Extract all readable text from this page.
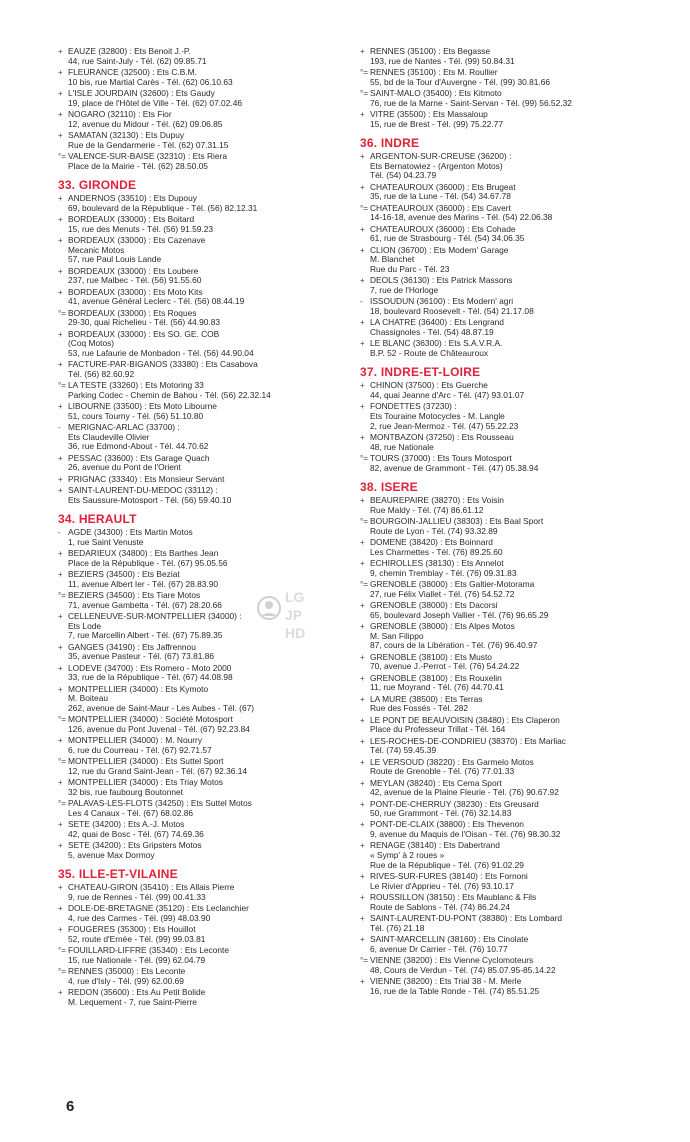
+ EAUZE (32800) : Ets Benoit J.-P.
44, rue Saint-July - Tél. (62) 09.85.71
+ FLEURANCE (32500) : Ets C.B.M.
10 bis, rue Martial Carès - Tél. (62) 06.10.63
+ L'ISLE JOURDAIN (32600) : Ets Gaudy
19, place de l'Hôtel de Ville - Tél. (62) 07.02.46
+ NOGARO (32110) : Ets Fior
12, avenue du Midour - Tél. (62) 09.06.85
+ SAMATAN (32130) : Ets Dupuy
Rue de la Gendarmerie - Tél. (62) 07.31.15
°= VALENCE-SUR-BAISE (32310) : Ets Riera
Place de la Mairie - Tél. (62) 28.50.05
33. GIRONDE
+ ANDERNOS (33510) : Ets Dupouy
69, boulevard de la République - Tél. (56) 82.12.31
+ BORDEAUX (33000) : Ets Boitard
15, rue des Menuts - Tél. (56) 91.59.23
+ BORDEAUX (33000) : Ets Cazenave
Mecanic Motos
57, rue Paul Louis Lande
+ BORDEAUX (33000) : Ets Loubere
237, rue Malbec - Tél. (56) 91.55.60
+ BORDEAUX (33000) : Ets Moto Kits
41, avenue Général Leclerc - Tél. (56) 08.44.19
°= BORDEAUX (33000) : Ets Roques
29-30, quai Richelieu - Tél. (56) 44.90.83
+ BORDEAUX (33000) : Ets SO. GE. COB
(Coq Motos)
53, rue Lafaurie de Monbadon - Tél. (56) 44.90.04
+ FACTURE-PAR-BIGANOS (33380) : Ets Casabova
Tél. (56) 82.60.92
°= LA TESTE (33260) : Ets Motoring 33
Parking Codec - Chemin de Bahou - Tél. (56) 22.32.14
+ LIBOURNE (33500) : Ets Moto Libourne
51, cours Tourny - Tél. (56) 51.10.80
- MERIGNAC-ARLAC (33700) :
Ets Claudeville Olivier
36, rue Edmond-About - Tél. 44.70.62
+ PESSAC (33600) : Ets Garage Quach
26, avenue du Pont de l'Orient
+ PRIGNAC (33340) : Ets Monsieur Servant
+ SAINT-LAURENT-DU-MEDOC (33112) :
Ets Saussure-Motosport - Tél. (56) 59.40.10
34. HERAULT
- AGDE (34300) : Ets Martin Motos
1, rue Saint Venuste
+ BEDARIEUX (34800) : Ets Barthes Jean
Place de la République - Tél. (67) 95.05.56
+ BEZIERS (34500) : Ets Beziat
11, avenue Albert Ier - Tél. (67) 28.83.90
°= BEZIERS (34500) : Ets Tiare Motos
71, avenue Gambetta - Tél. (67) 28.20.66
+ CELLENEUVE-SUR-MONTPELLIER (34000) :
Ets Lode
7, rue Marcellin Albert - Tél. (67) 75.89.35
+ GANGES (34190) : Ets Jaffrennou
35, avenue Pasteur - Tél. (67) 73.81.86
+ LODEVE (34700) : Ets Romero - Moto 2000
33, rue de la République - Tél. (67) 44.08.98
+ MONTPELLIER (34000) : Ets Kymoto
M. Boiteau
262, avenue de Saint-Maur - Les Aubes - Tél. (67)
°= MONTPELLIER (34000) : Société Motosport
126, avenue du Pont Juvenal - Tél. (67) 92.23.84
+ MONTPELLIER (34000) : M. Nourry
6, rue du Courreau - Tél. (67) 92.71.57
°= MONTPELLIER (34000) : Ets Suttel Sport
12, rue du Grand Saint-Jean - Tél. (67) 92.36.14
+ MONTPELLIER (34000) : Ets Triay Motos
32 bis, rue faubourg Boutonnet
°= PALAVAS-LES-FLOTS (34250) : Ets Suttel Motos
Les 4 Canaux - Tél. (67) 68.02.86
+ SETE (34200) : Ets A.-J. Motos
42, quai de Bosc - Tél. (67) 74.69.36
+ SETE (34200) : Ets Gripsters Motos
5, avenue Max Dormoy
35. ILLE-ET-VILAINE
+ CHATEAU-GIRON (35410) : Ets Allais Pierre
9, rue de Rennes - Tél. (99) 00.41.33
+ DOLE-DE-BRETAGNE (35120) : Ets Leclanchier
4, rue des Carmes - Tél. (99) 48.03.90
+ FOUGERES (35300) : Ets Houillot
52, route d'Ernée - Tél. (99) 99.03.81
°= FOUILLARD-LIFFRE (35340) : Ets Leconte
15, rue Nationale - Tél. (99) 62.04.79
°= RENNES (35000) : Ets Leconte
4, rue d'Isly - Tél. (99) 62.00.69
+ REDON (35600) : Ets Au Petit Bolide
M. Lequement - 7, rue Saint-Pierre
+ RENNES (35100) : Ets Begasse
193, rue de Nantes - Tél. (99) 50.84.31
°= RENNES (35100) : Ets M. Roullier
55, bd de la Tour d'Auvergne - Tél. (99) 30.81.66
°= SAINT-MALO (35400) : Ets Kitmoto
76, rue de la Marne - Saint-Servan - Tél. (99) 56.52.32
+ VITRE (35500) : Ets Massaloup
15, rue de Brest - Tél. (99) 75.22.77
36. INDRE
+ ARGENTON-SUR-CREUSE (36200) :
Ets Bernatowiez - (Argenton Motos)
Tél. (54) 04.23.79
+ CHATEAUROUX (36000) : Ets Brugeat
35, rue de la Lune - Tél. (54) 34.67.78
°= CHATEAUROUX (36000) : Ets Cavert
14-16-18, avenue des Marins - Tél. (54) 22.06.38
+ CHATEAUROUX (36000) : Ets Cohade
61, rue de Strasbourg - Tél. (54) 34.06.35
+ CLION (36700) : Ets Modern' Garage
M. Blanchet
Rue du Parc - Tél. 23
+ DEOLS (36130) : Ets Patrick Massons
7, rue de l'Horloge
- ISSOUDUN (36100) : Ets Modern' agri
18, boulevard Roosevelt - Tél. (54) 21.17.08
+ LA CHATRE (36400) : Ets Lengrand
Chassignoles - Tél. (54) 48.87.19
+ LE BLANC (36300) : Ets S.A.V.R.A.
B.P. 52 - Route de Châteauroux
37. INDRE-ET-LOIRE
+ CHINON (37500) : Ets Guerche
44, quai Jeanne d'Arc - Tél. (47) 93.01.07
+ FONDETTES (37230) :
Ets Touraine Motocycles - M. Langle
2, rue Jean-Mermoz - Tél. (47) 55.22.23
+ MONTBAZON (37250) : Ets Rousseau
48, rue Nationale
°= TOURS (37000) : Ets Tours Motosport
82, avenue de Grammont - Tél. (47) 05.38.94
38. ISERE
+ BEAUREPAIRE (38270) : Ets Voisin
Rue Maldy - Tél. (74) 86.61.12
°= BOURGOIN-JALLIEU (38303) : Ets Baal Sport
Route de Lyon - Tél. (74) 93.32.89
+ DOMENE (38420) : Ets Boinnard
Les Charmettes - Tél. (76) 89.25.60
+ ECHIROLLES (38130) : Ets Annelot
9, chemin Tremblay - Tél. (76) 09.31.83
°= GRENOBLE (38000) : Ets Galtier-Motorama
27, rue Félix Viallet - Tél. (76) 54.52.72
+ GRENOBLE (38000) : Ets Dacorsi
65, boulevard Joseph Vallier - Tél. (76) 96.65.29
+ GRENOBLE (38000) : Ets Alpes Motos
M. San Filippo
87, cours de la Libération - Tél. (76) 96.40.97
+ GRENOBLE (38100) : Ets Musto
70, avenue J.-Perrot - Tél. (76) 54.24.22
+ GRENOBLE (38100) : Ets Rouxelin
11, rue Moyrand - Tél. (76) 44.70.41
+ LA MURE (38500) : Ets Terras
Rue des Fossés - Tél. 282
+ LE PONT DE BEAUVOISIN (38480) : Ets Claperon
Place du Professeur Trillat - Tél. 164
+ LES-ROCHES-DE-CONDRIEU (38370) : Ets Marliac
Tél. (74) 59.45.39
+ LE VERSOUD (38220) : Ets Garmelo Motos
Route de Grenoble - Tél. (76) 77.01.33
+ MEYLAN (38240) : Ets Cema Sport
42, avenue de la Plaine Fleurie - Tél. (76) 90.67.92
+ PONT-DE-CHERRUY (38230) : Ets Greusard
50, rue Grammont - Tél. (76) 32.14.83
+ PONT-DE-CLAIX (38800) : Ets Thevenon
9, avenue du Maquis de l'Oisan - Tél. (76) 98.30.32
+ RENAGE (38140) : Ets Dabertrand
« Symp' à 2 roues »
Rue de la République - Tél. (76) 91.02.29
+ RIVES-SUR-FURES (38140) : Ets Fornoni
Le Rivier d'Apprieu - Tél. (76) 93.10.17
+ ROUSSILLON (38150) : Ets Maublanc & Fils
Route de Sablons - Tél. (74) 86.24.24
+ SAINT-LAURENT-DU-PONT (38380) : Ets Lombard
Tél. (76) 21.18
+ SAINT-MARCELLIN (38160) : Ets Cinolate
6, avenue Dr Carrier - Tél. (76) 10.77
°= VIENNE (38200) : Ets Vienne Cyclomoteurs
48, Cours de Verdun - Tél. (74) 85.07.95-85.14.22
+ VIENNE (38200) : Ets Trial 38 - M. Merle
16, rue de la Table Ronde - Tél. (74) 85.51.25
LG
JP
HD
6
